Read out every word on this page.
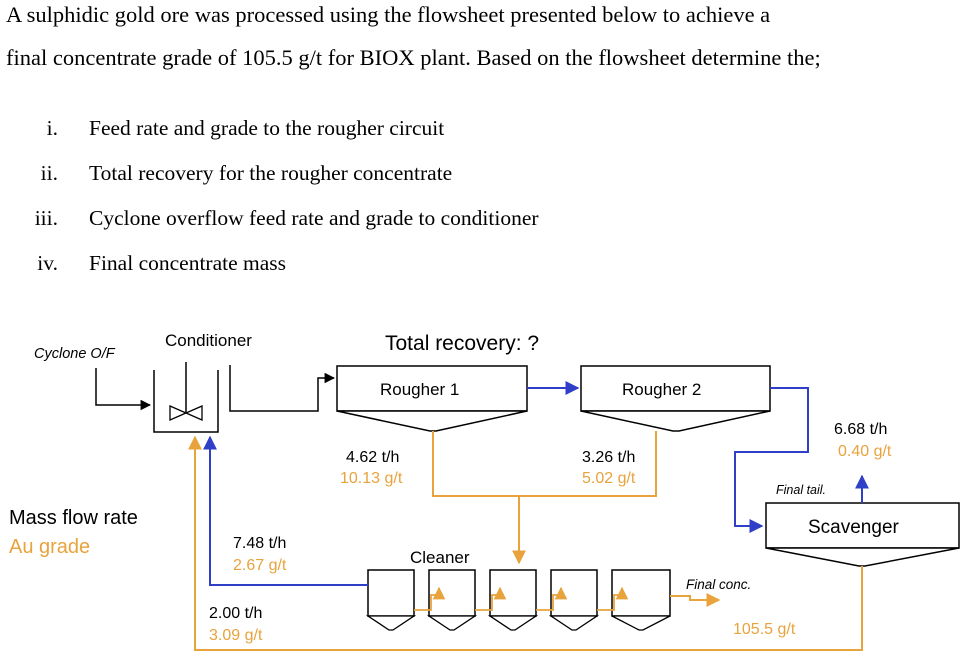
A sulphidic gold ore was processed using the flowsheet presented below to achieve a
final concentrate grade of 105.5 g/t for BIOX plant. Based on the flowsheet determine the;
i. Feed rate and grade to the rougher circuit
ii. Total recovery for the rougher concentrate
iii. Cyclone overflow feed rate and grade to conditioner
iv. Final concentrate mass
Cyclone O/F
Conditioner	Total recovery: ?
Rougher 1	Rougher 2
4.62 t/h
10.13 g/t
3.26 t/h
5.02 g/t
6.68 t/h
0.40 g/t
Final tail.
Scavenger
Mass flow rate
Au grade	7.48 t/h
2.67 g/t	Cleaner
2.00 t/h
3.09 g/t
Final conc.
105.5 g/t
